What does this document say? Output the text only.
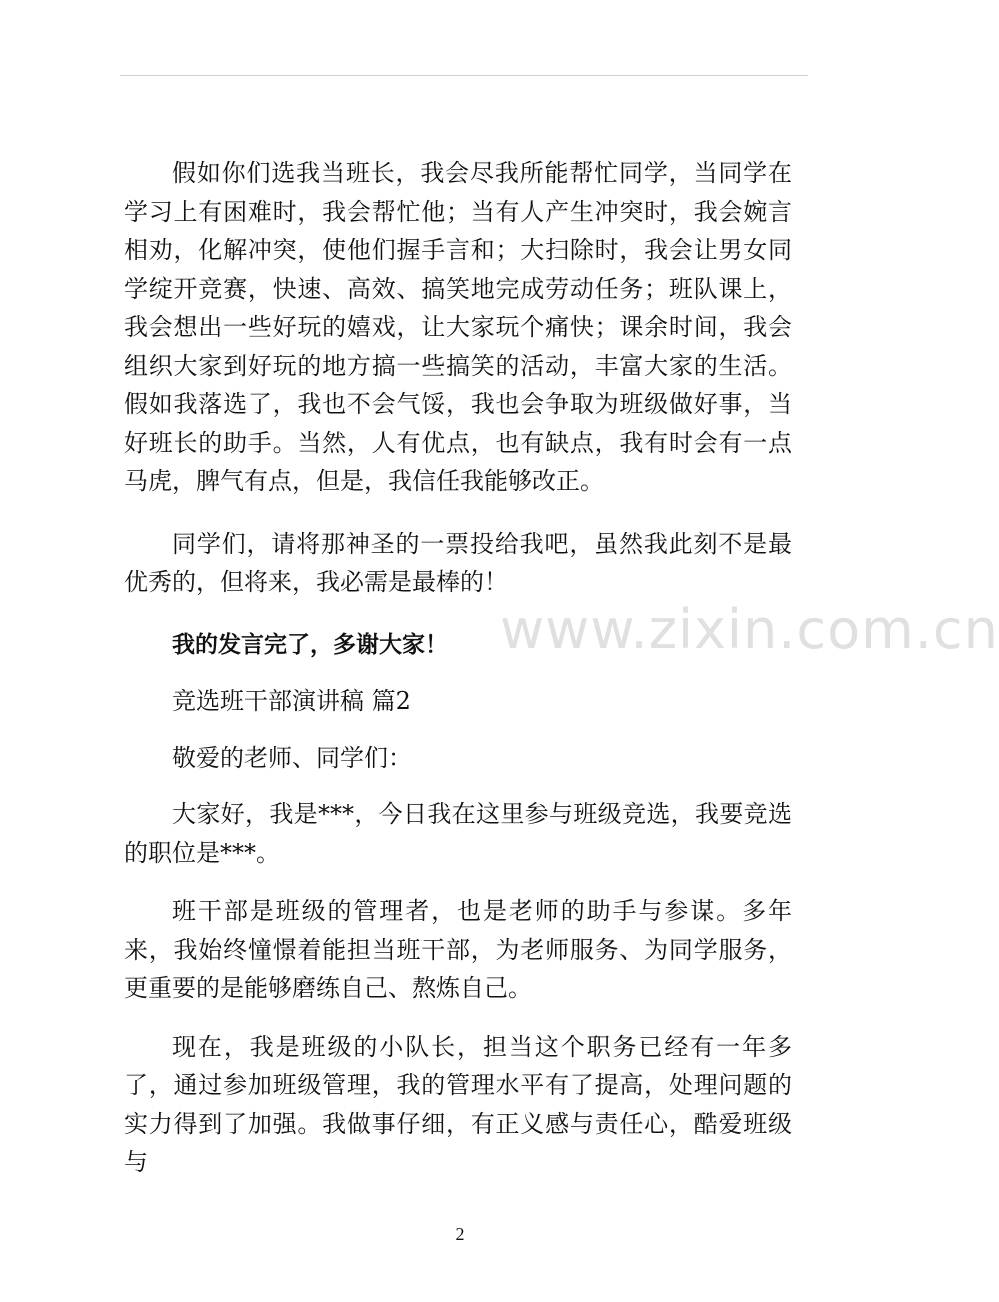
假如你们选我当班长，我会尽我所能帮忙同学，当同学在学习上有困难时，我会帮忙他；当有人产生冲突时，我会婉言相劝，化解冲突，使他们握手言和；大扫除时，我会让男女同学绽开竞赛，快速、高效、搞笑地完成劳动任务；班队课上，我会想出一些好玩的嬉戏，让大家玩个痛快；课余时间，我会组织大家到好玩的地方搞一些搞笑的活动，丰富大家的生活。假如我落选了，我也不会气馁，我也会争取为班级做好事，当好班长的助手。当然，人有优点，也有缺点，我有时会有一点马虎，脾气有点，但是，我信任我能够改正。

同学们，请将那神圣的一票投给我吧，虽然我此刻不是最优秀的，但将来，我必需是最棒的！

我的发言完了，多谢大家！

竞选班干部演讲稿 篇2

敬爱的老师、同学们：

大家好，我是***，今日我在这里参与班级竞选，我要竞选的职位是***。

班干部是班级的管理者，也是老师的助手与参谋。多年来，我始终憧憬着能担当班干部，为老师服务、为同学服务，更重要的是能够磨练自己、熬炼自己。

现在，我是班级的小队长，担当这个职务已经有一年多了，通过参加班级管理，我的管理水平有了提高，处理问题的实力得到了加强。我做事仔细，有正义感与责任心，酷爱班级与

www.zixin.com.cn
2
